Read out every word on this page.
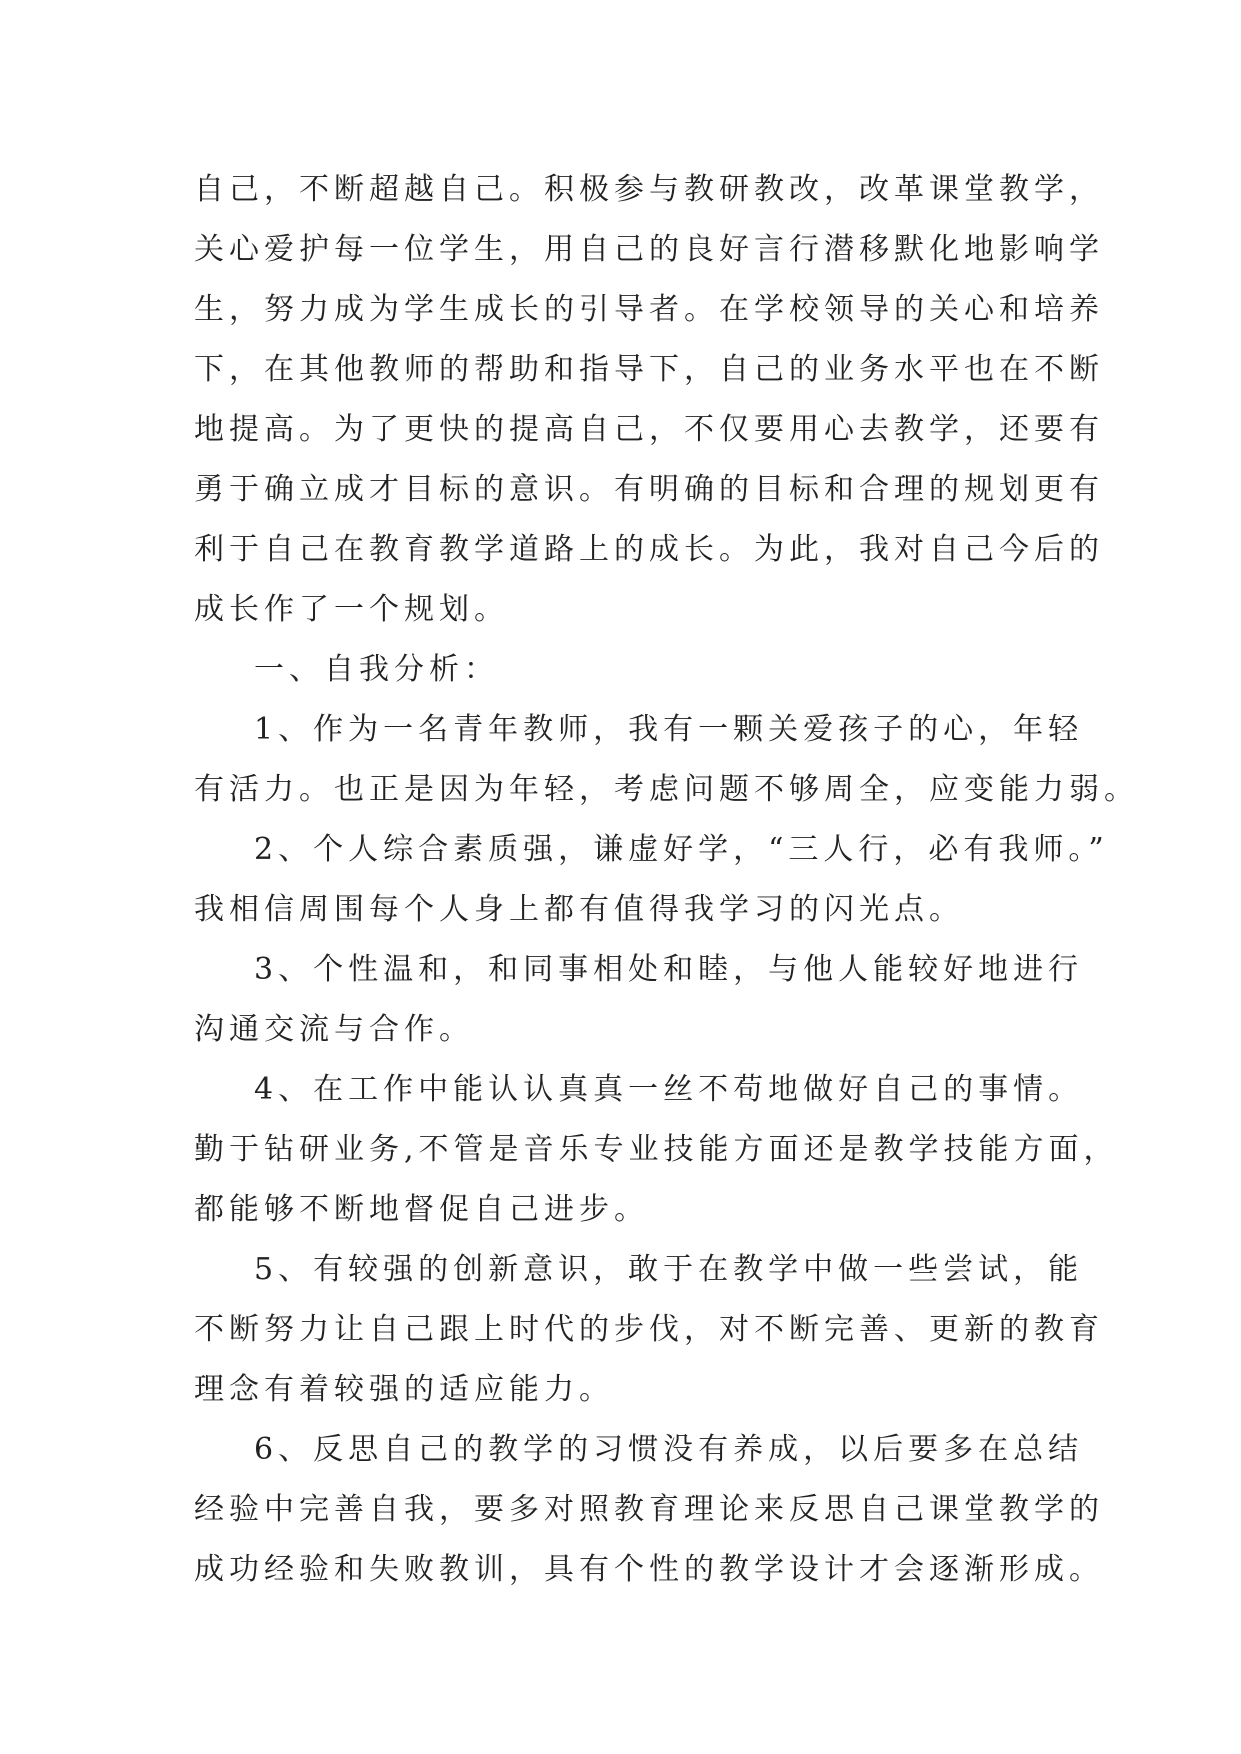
自己，不断超越自己。积极参与教研教改，改革课堂教学，
关心爱护每一位学生，用自己的良好言行潜移默化地影响学
生，努力成为学生成长的引导者。在学校领导的关心和培养
下，在其他教师的帮助和指导下，自己的业务水平也在不断
地提高。为了更快的提高自己，不仅要用心去教学，还要有
勇于确立成才目标的意识。有明确的目标和合理的规划更有
利于自己在教育教学道路上的成长。为此，我对自己今后的
成长作了一个规划。
一、自我分析：
1、作为一名青年教师，我有一颗关爱孩子的心，年轻
有活力。也正是因为年轻，考虑问题不够周全，应变能力弱。
2、个人综合素质强，谦虚好学，“三人行，必有我师。”
我相信周围每个人身上都有值得我学习的闪光点。
3、个性温和，和同事相处和睦，与他人能较好地进行
沟通交流与合作。
4、在工作中能认认真真一丝不苟地做好自己的事情。
勤于钻研业务,不管是音乐专业技能方面还是教学技能方面，
都能够不断地督促自己进步。
5、有较强的创新意识，敢于在教学中做一些尝试，能
不断努力让自己跟上时代的步伐，对不断完善、更新的教育
理念有着较强的适应能力。
6、反思自己的教学的习惯没有养成，以后要多在总结
经验中完善自我，要多对照教育理论来反思自己课堂教学的
成功经验和失败教训，具有个性的教学设计才会逐渐形成。
